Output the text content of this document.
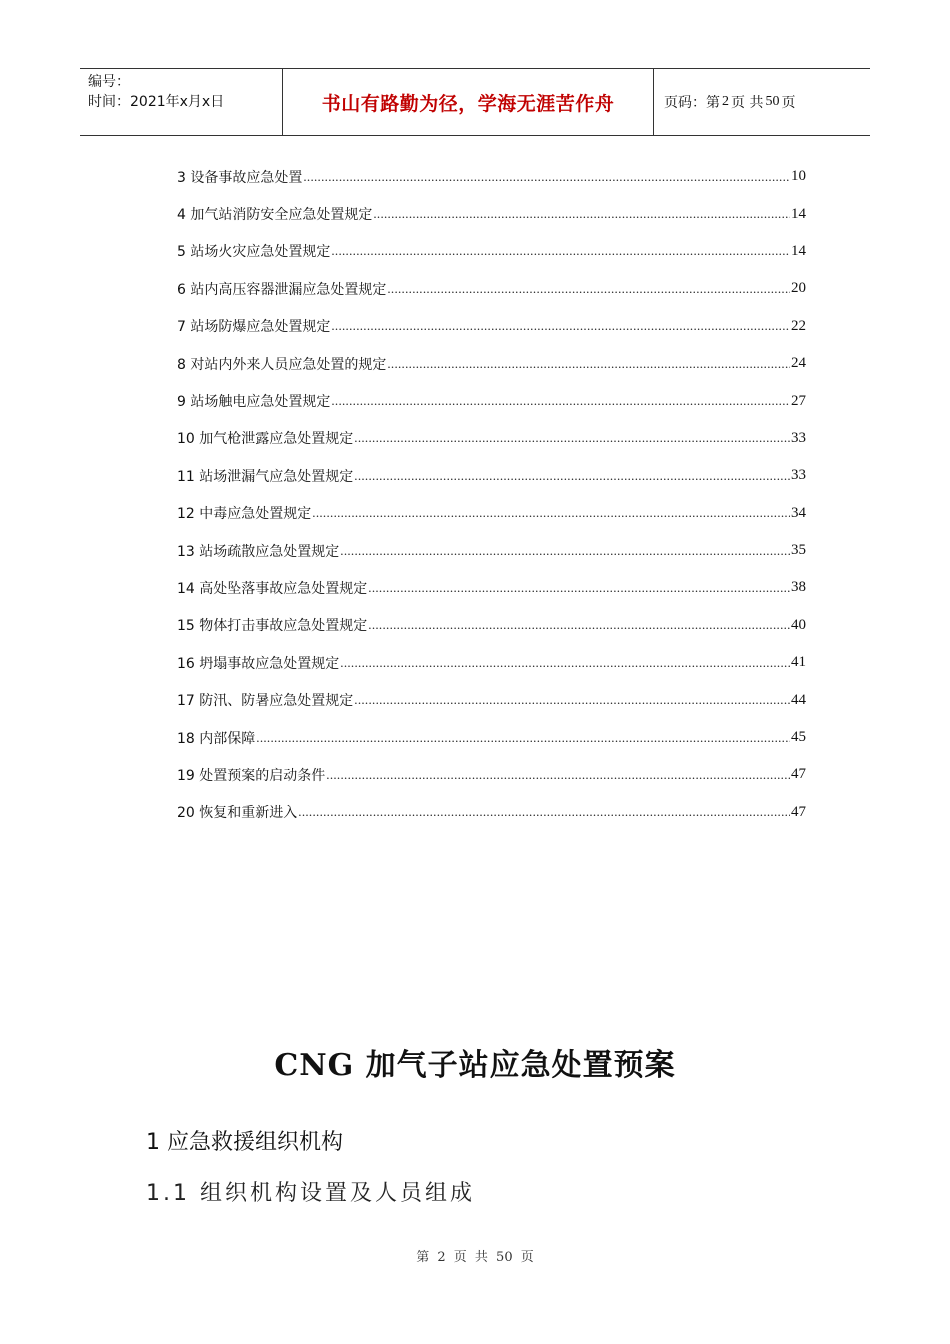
编号：
时间：2021年x月x日	书山有路勤为径，学海无涯苦作舟	页码：第 2 页 共 50 页
3 设备事故应急处置 .....	10
4 加气站消防安全应急处置规定 .....	14
5 站场火灾应急处置规定 .....	14
6 站内高压容器泄漏应急处置规定 .....	20
7 站场防爆应急处置规定 .....	22
8 对站内外来人员应急处置的规定 .....	24
9 站场触电应急处置规定 .....	27
10 加气枪泄露应急处置规定 .....	33
11 站场泄漏气应急处置规定 .....	33
12 中毒应急处置规定 .....	34
13 站场疏散应急处置规定 .....	35
14 高处坠落事故应急处置规定 .....	38
15 物体打击事故应急处置规定 .....	40
16 坍塌事故应急处置规定 .....	41
17 防汛、防暑应急处置规定 .....	44
18 内部保障 .....	45
19 处置预案的启动条件 .....	47
20 恢复和重新进入 .....	47
CNG 加气子站应急处置预案
1 应急救援组织机构
1.1 组织机构设置及人员组成
第 2 页 共 50 页
